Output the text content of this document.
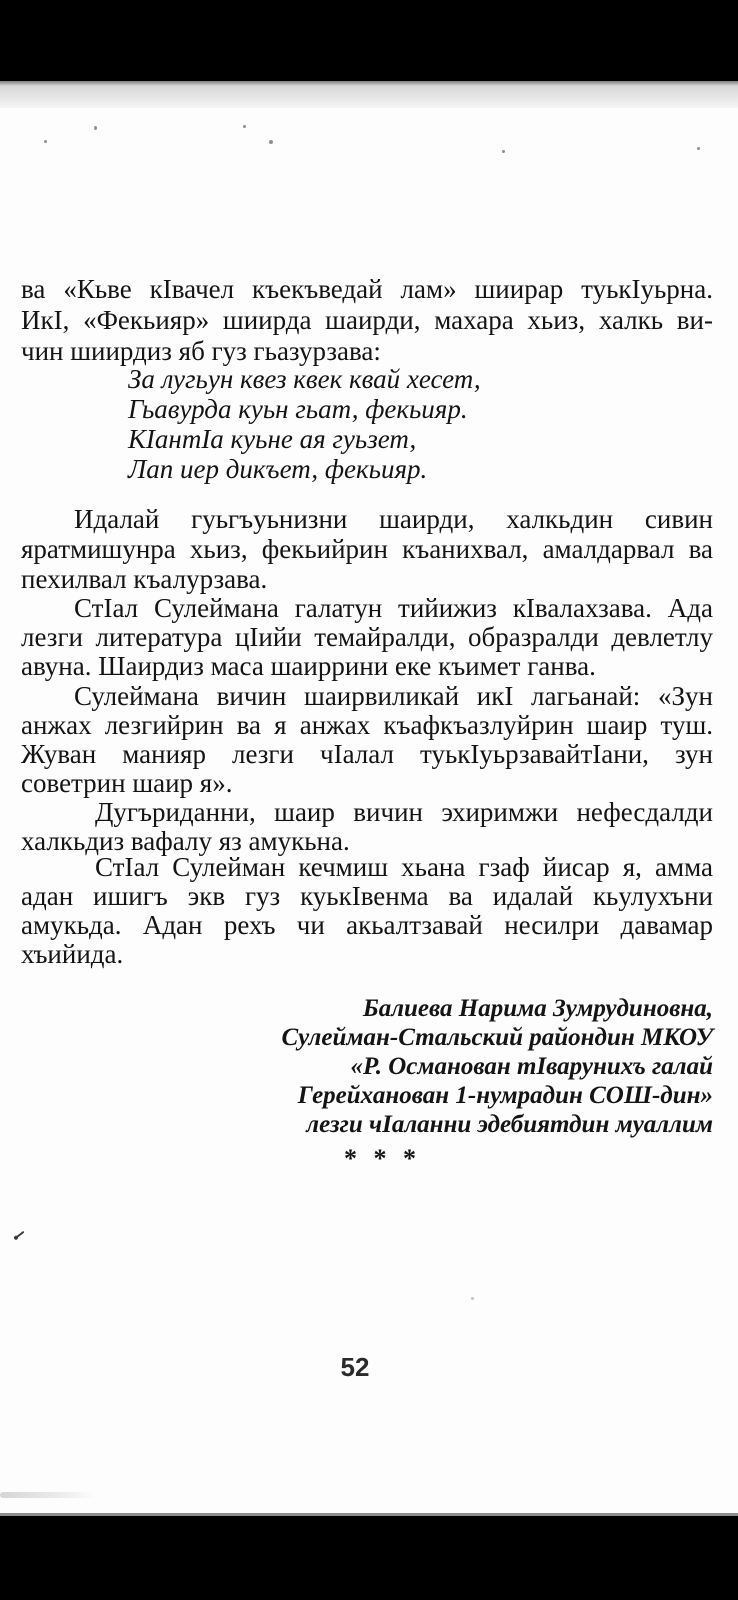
ва «Кьве кIвачел къекъведай лам» шиирар туькIуьрна.
ИкI, «Фекьияр» шиирда шаирди, махара хьиз, халкь ви-
чин шиирдиз яб гуз гьазурзава:
За лугьун квез квек квай хесет,
Гьавурда куьн гьат, фекьияр.
КIантIа куьне ая гуьзет,
Лап иер дикъет, фекьияр.
Идалай гуьгъуьнизни шаирди, халкьдин сивин
яратмишунра хьиз, фекьийрин къанихвал, амалдарвал ва
пехилвал къалурзава.
СтIал Сулеймана галатун тийижиз кIвалахзава. Ада
лезги литература цIийи темайралди, образралди девлетлу
авуна. Шаирдиз маса шаиррини еке къимет ганва.
Сулеймана вичин шаирвиликай икI лагьанай: «Зун
анжах лезгийрин ва я анжах къафкъазлуйрин шаир туш.
Жуван манияр лезги чIалал туькIуьрзавайтIани, зун
советрин шаир я».
Дугъриданни, шаир вичин эхиримжи нефесдалди
халкьдиз вафалу яз амукьна.
СтIал Сулейман кечмиш хьана гзаф йисар я, амма
адан ишигъ экв гуз куькIвенма ва идалай кьулухъни
амукьда. Адан рехъ чи акьалтзавай несилри давамар
хъийида.
Балиева Нарима Зумрудиновна,
Сулейман-Стальский райондин МКОУ
«Р. Османован тIварунихъ галай
Герейханован 1-нумрадин СОШ-дин»
лезги чIаланни эдебиятдин муаллим
* * *
52
